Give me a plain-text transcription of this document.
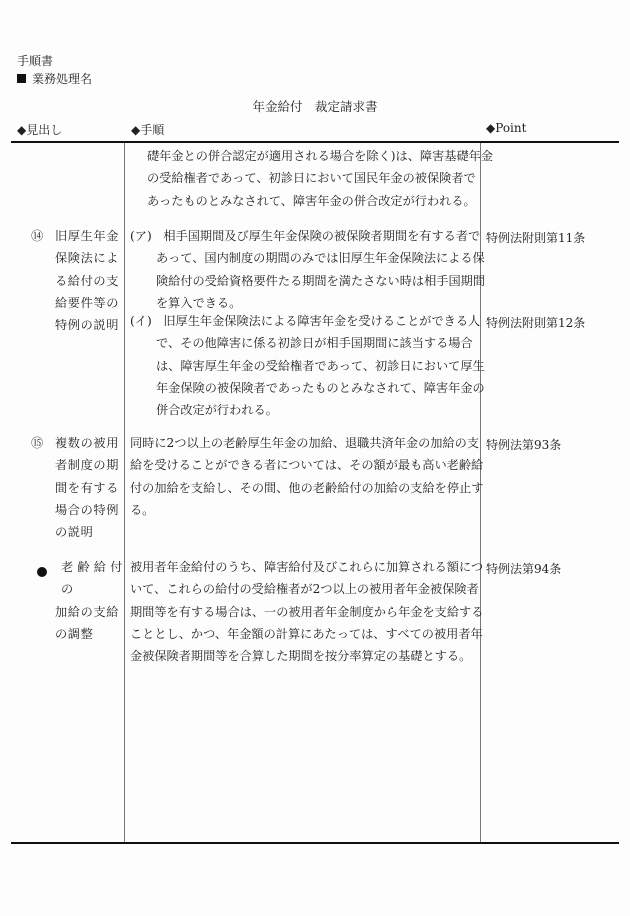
手順書
業務処理名
年金給付　裁定請求書
◆見出し	◆手順	◆Point
礎年金との併合認定が適用される場合を除く)は、障害基礎年金
の受給権者であって、初診日において国民年金の被保険者で
あったものとみなされて、障害年金の併合改定が行われる。
⑭ 旧厚生年金
保険法によ
る給付の支
給要件等の
特例の説明
(ア) 相手国期間及び厚生年金保険の被保険者期間を有する者で
あって、国内制度の期間のみでは旧厚生年金保険法による保
険給付の受給資格要件たる期間を満たさない時は相手国期間
を算入できる。
特例法附則第11条
(イ) 旧厚生年金保険法による障害年金を受けることができる人
で、その他障害に係る初診日が相手国期間に該当する場合
は、障害厚生年金の受給権者であって、初診日において厚生
年金保険の被保険者であったものとみなされて、障害年金の
併合改定が行われる。
特例法附則第12条
⑮ 複数の被用
者制度の期
間を有する
場合の特例
の説明
同時に2つ以上の老齢厚生年金の加給、退職共済年金の加給の支
給を受けることができる者については、その額が最も高い老齢給
付の加給を支給し、その間、他の老齢給付の加給の支給を停止す
る。
特例法第93条
老齢給付の
加給の支給
の調整
被用者年金給付のうち、障害給付及びこれらに加算される額につ
いて、これらの給付の受給権者が2つ以上の被用者年金被保険者
期間等を有する場合は、一の被用者年金制度から年金を支給する
こととし、かつ、年金額の計算にあたっては、すべての被用者年
金被保険者期間等を合算した期間を按分率算定の基礎とする。
特例法第94条
